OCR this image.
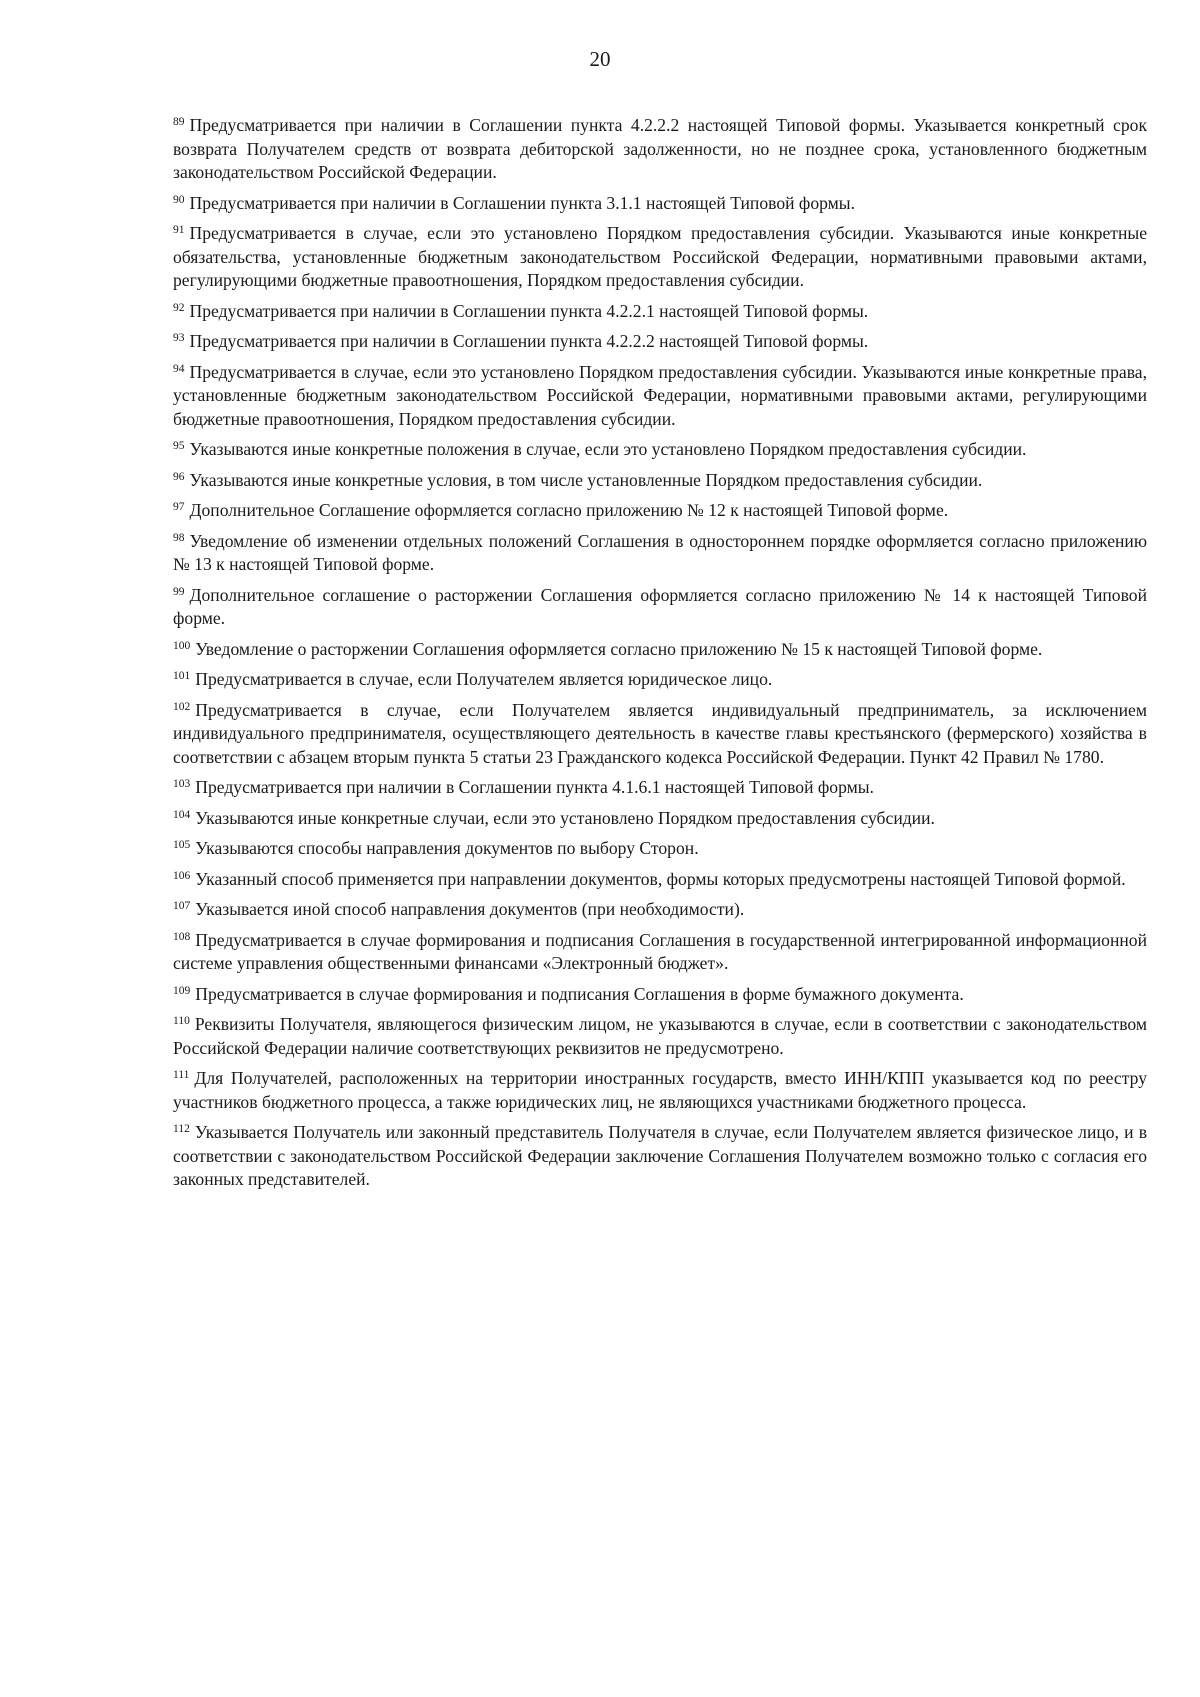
20

$^{89}$ Предусматривается при наличии в Соглашении пункта 4.2.2.2 настоящей Типовой формы. Указывается конкретный срок возврата Получателем средств от возврата дебиторской задолженности, но не позднее срока, установленного бюджетным законодательством Российской Федерации.

$^{90}$ Предусматривается при наличии в Соглашении пункта 3.1.1 настоящей Типовой формы.

$^{91}$ Предусматривается в случае, если это установлено Порядком предоставления субсидии. Указываются иные конкретные обязательства, установленные бюджетным законодательством Российской Федерации, нормативными правовыми актами, регулирующими бюджетные правоотношения, Порядком предоставления субсидии.

$^{92}$ Предусматривается при наличии в Соглашении пункта 4.2.2.1 настоящей Типовой формы.

$^{93}$ Предусматривается при наличии в Соглашении пункта 4.2.2.2 настоящей Типовой формы.

$^{94}$ Предусматривается в случае, если это установлено Порядком предоставления субсидии. Указываются иные конкретные права, установленные бюджетным законодательством Российской Федерации, нормативными правовыми актами, регулирующими бюджетные правоотношения, Порядком предоставления субсидии.

$^{95}$ Указываются иные конкретные положения в случае, если это установлено Порядком предоставления субсидии.

$^{96}$ Указываются иные конкретные условия, в том числе установленные Порядком предоставления субсидии.

$^{97}$ Дополнительное Соглашение оформляется согласно приложению № 12 к настоящей Типовой форме.

$^{98}$ Уведомление об изменении отдельных положений Соглашения в одностороннем порядке оформляется согласно приложению № 13 к настоящей Типовой форме.

$^{99}$ Дополнительное соглашение о расторжении Соглашения оформляется согласно приложению № 14 к настоящей Типовой форме.

$^{100}$ Уведомление о расторжении Соглашения оформляется согласно приложению № 15 к настоящей Типовой форме.

$^{101}$ Предусматривается в случае, если Получателем является юридическое лицо.

$^{102}$ Предусматривается в случае, если Получателем является индивидуальный предприниматель, за исключением индивидуального предпринимателя, осуществляющего деятельность в качестве главы крестьянского (фермерского) хозяйства в соответствии с абзацем вторым пункта 5 статьи 23 Гражданского кодекса Российской Федерации. Пункт 42 Правил № 1780.

$^{103}$ Предусматривается при наличии в Соглашении пункта 4.1.6.1 настоящей Типовой формы.

$^{104}$ Указываются иные конкретные случаи, если это установлено Порядком предоставления субсидии.

$^{105}$ Указываются способы направления документов по выбору Сторон.

$^{106}$ Указанный способ применяется при направлении документов, формы которых предусмотрены настоящей Типовой формой.

$^{107}$ Указывается иной способ направления документов (при необходимости).

$^{108}$ Предусматривается в случае формирования и подписания Соглашения в государственной интегрированной информационной системе управления общественными финансами «Электронный бюджет».

$^{109}$ Предусматривается в случае формирования и подписания Соглашения в форме бумажного документа.

$^{110}$ Реквизиты Получателя, являющегося физическим лицом, не указываются в случае, если в соответствии с законодательством Российской Федерации наличие соответствующих реквизитов не предусмотрено.

$^{111}$ Для Получателей, расположенных на территории иностранных государств, вместо ИНН/КПП указывается код по реестру участников бюджетного процесса, а также юридических лиц, не являющихся участниками бюджетного процесса.

$^{112}$ Указывается Получатель или законный представитель Получателя в случае, если Получателем является физическое лицо, и в соответствии с законодательством Российской Федерации заключение Соглашения Получателем возможно только с согласия его законных представителей.
